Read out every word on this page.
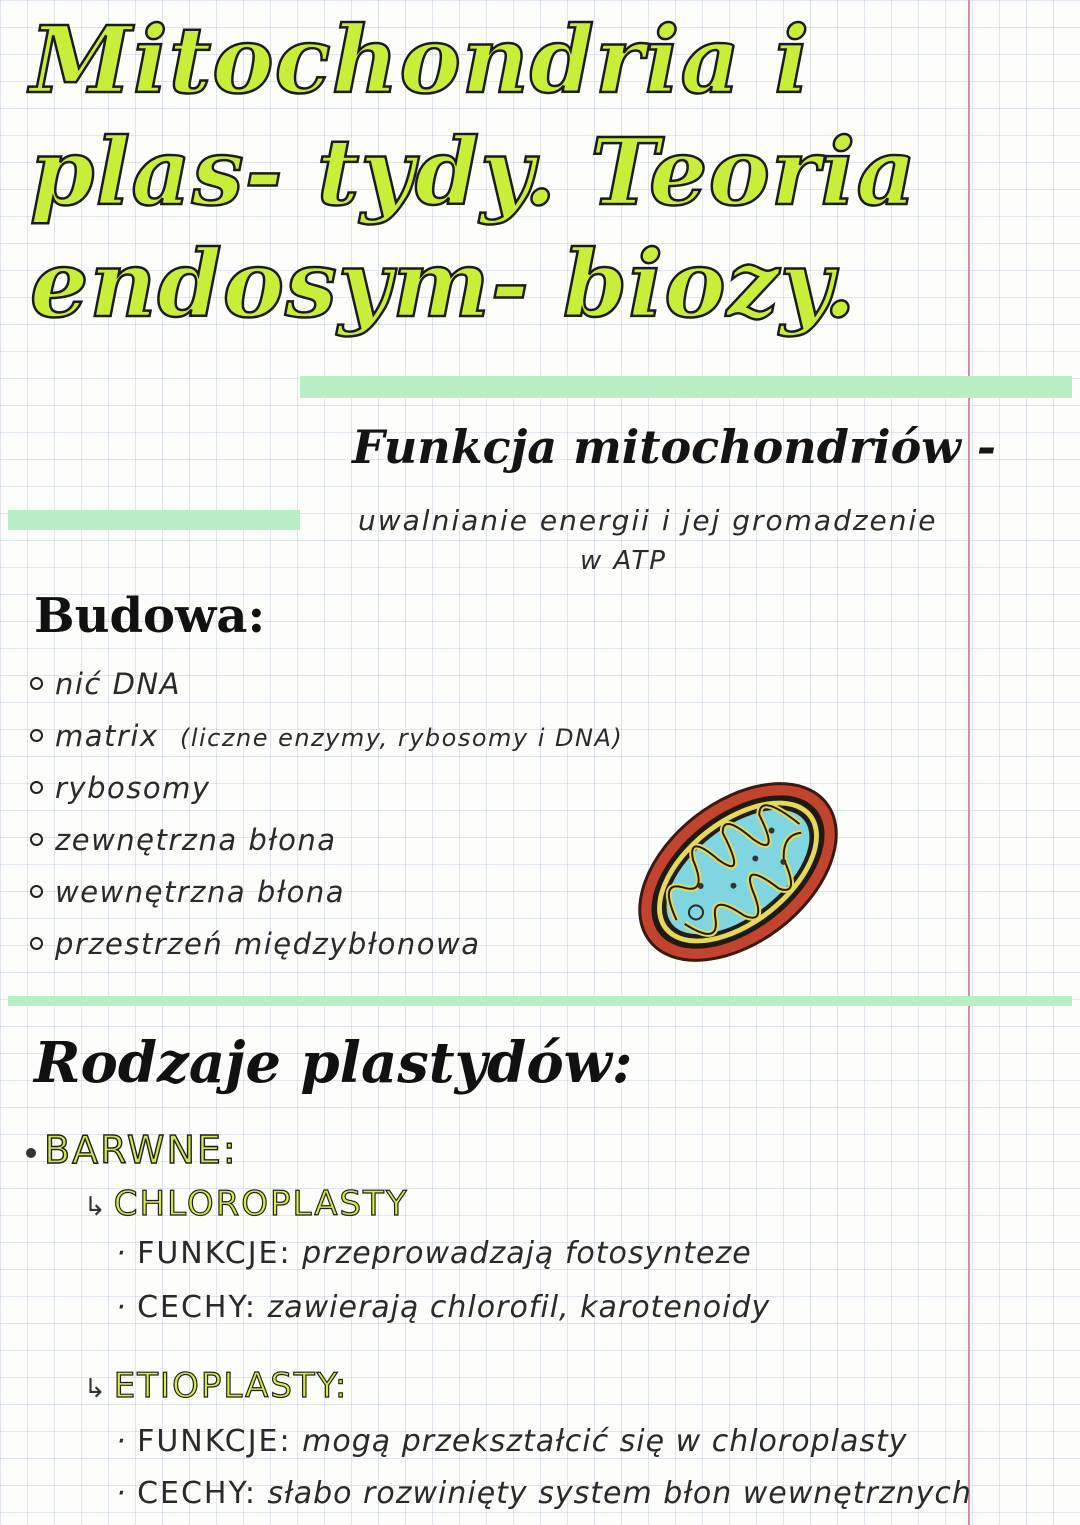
Mitochondria i plas- tydy. Teoria endosym- biozy.
Funkcja mitochondriów -
uwalnianie energii i jej gromadzenie
w ATP
Budowa:
nić DNA
matrix (liczne enzymy, rybosomy i DNA)
rybosomy
zewnętrzna błona
wewnętrzna błona
przestrzeń międzybłonowa
Rodzaje plastydów:
BARWNE:
↳ CHLOROPLASTY
· FUNKCJE: przeprowadzają fotosynteze
· CECHY: zawierają chlorofil, karotenoidy
↳ ETIOPLASTY:
· FUNKCJE: mogą przekształcić się w chloroplasty
· CECHY: słabo rozwinięty system błon wewnętrznych
